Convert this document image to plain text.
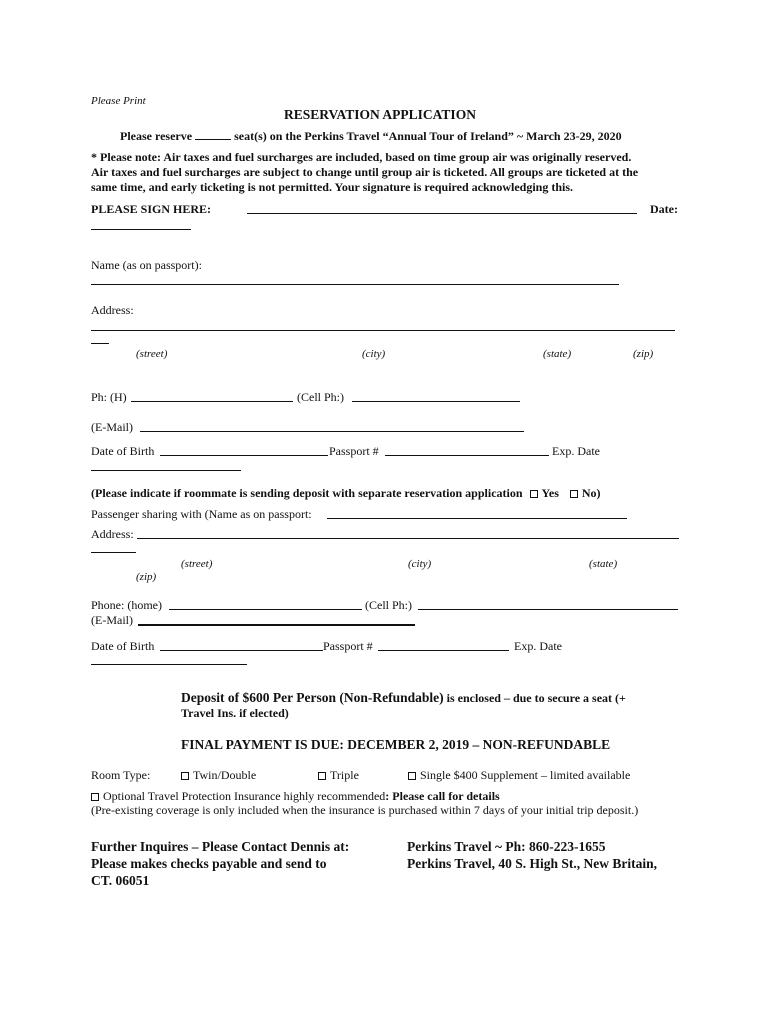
Please Print
RESERVATION APPLICATION
Please reserve	seat(s) on the Perkins Travel “Annual Tour of Ireland” ~ March 23-29, 2020
* Please note: Air taxes and fuel surcharges are included, based on time group air was originally reserved.
Air taxes and fuel surcharges are subject to change until group air is ticketed. All groups are ticketed at the
same time, and early ticketing is not permitted. Your signature is required acknowledging this.
PLEASE SIGN HERE:	Date:
Name (as on passport):
Address:
(street)	(city)	(state)	(zip)
Ph: (H)	(Cell Ph:)
(E-Mail)
Date of Birth	Passport #	Exp. Date
(Please indicate if roommate is sending deposit with separate reservation application Yes No)
Passenger sharing with (Name as on passport:
Address:
(street)	(city)	(state)
(zip)
Phone: (home)	(Cell Ph:)
(E-Mail)
Date of Birth	Passport #	Exp. Date
Deposit of $600 Per Person (Non-Refundable) is enclosed – due to secure a seat (+
Travel Ins. if elected)
FINAL PAYMENT IS DUE: DECEMBER 2, 2019 – NON-REFUNDABLE
Room Type:	Twin/Double	Triple	Single $400 Supplement – limited available
Optional Travel Protection Insurance highly recommended: Please call for details
(Pre-existing coverage is only included when the insurance is purchased within 7 days of your initial trip deposit.)
Further Inquires – Please Contact Dennis at:
Please makes checks payable and send to
CT. 06051
Perkins Travel ~ Ph: 860-223-1655
Perkins Travel, 40 S. High St., New Britain,
